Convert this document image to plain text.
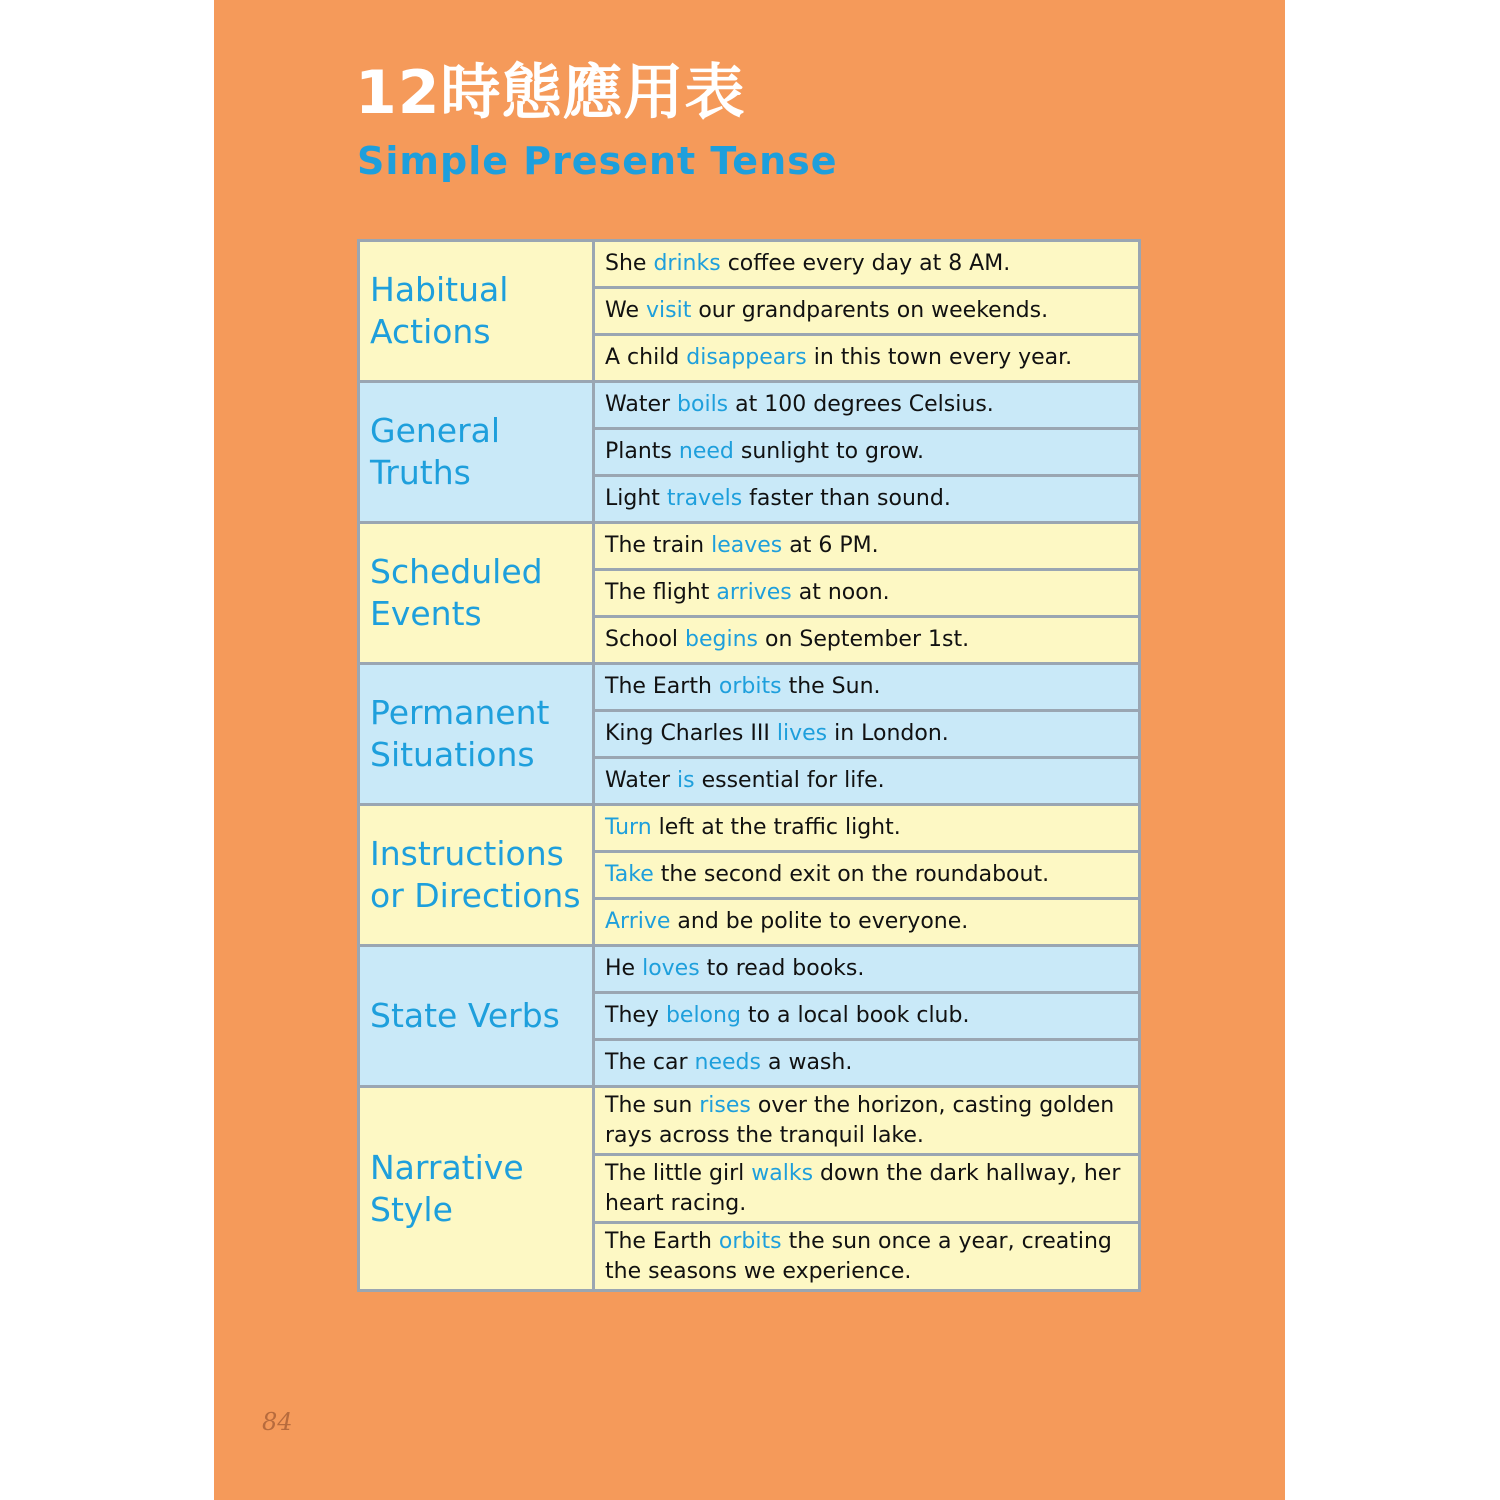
12時態應用表
Simple Present Tense
Habitual Actions	She drinks coffee every day at 8 AM.
	We visit our grandparents on weekends.
	A child disappears in this town every year.
General Truths	Water boils at 100 degrees Celsius.
	Plants need sunlight to grow.
	Light travels faster than sound.
Scheduled Events	The train leaves at 6 PM.
	The flight arrives at noon.
	School begins on September 1st.
Permanent Situations	The Earth orbits the Sun.
	King Charles III lives in London.
	Water is essential for life.
Instructions or Directions	Turn left at the traffic light.
	Take the second exit on the roundabout.
	Arrive and be polite to everyone.
State Verbs	He loves to read books.
	They belong to a local book club.
	The car needs a wash.
Narrative Style	The sun rises over the horizon, casting golden rays across the tranquil lake.
	The little girl walks down the dark hallway, her heart racing.
	The Earth orbits the sun once a year, creating the seasons we experience.
84
